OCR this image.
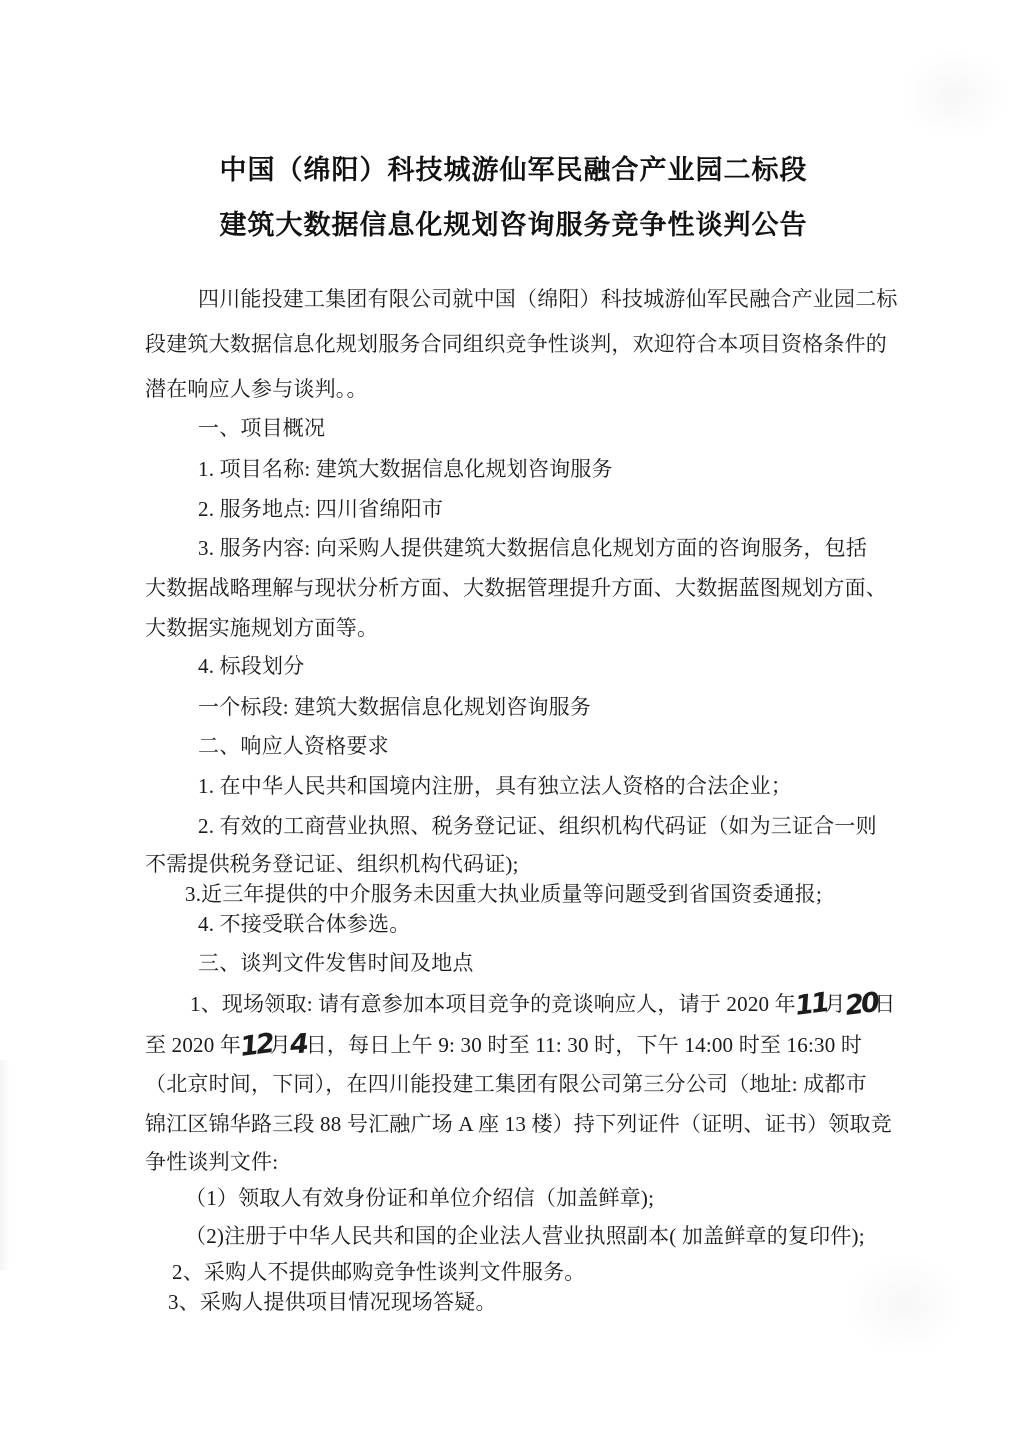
中国（绵阳）科技城游仙军民融合产业园二标段
建筑大数据信息化规划咨询服务竞争性谈判公告
四川能投建工集团有限公司就中国（绵阳）科技城游仙军民融合产业园二标
段建筑大数据信息化规划服务合同组织竞争性谈判，欢迎符合本项目资格条件的
潜在响应人参与谈判。。
一、项目概况
1. 项目名称: 建筑大数据信息化规划咨询服务
2. 服务地点: 四川省绵阳市
3. 服务内容: 向采购人提供建筑大数据信息化规划方面的咨询服务，包括
大数据战略理解与现状分析方面、大数据管理提升方面、大数据蓝图规划方面、
大数据实施规划方面等。
4. 标段划分
一个标段: 建筑大数据信息化规划咨询服务
二、响应人资格要求
1. 在中华人民共和国境内注册，具有独立法人资格的合法企业；
2. 有效的工商营业执照、税务登记证、组织机构代码证（如为三证合一则
不需提供税务登记证、组织机构代码证);
3.近三年提供的中介服务未因重大执业质量等问题受到省国资委通报;
4. 不接受联合体参选。
三、谈判文件发售时间及地点
1、现场领取: 请有意参加本项目竞争的竞谈响应人，请于 2020 年11月20日
至 2020 年12月4日，每日上午 9: 30 时至 11: 30 时，下午 14:00 时至 16:30 时
（北京时间，下同），在四川能投建工集团有限公司第三分公司（地址: 成都市
锦江区锦华路三段 88 号汇融广场 A 座 13 楼）持下列证件（证明、证书）领取竞
争性谈判文件:
（1）领取人有效身份证和单位介绍信（加盖鲜章);
（2)注册于中华人民共和国的企业法人营业执照副本( 加盖鲜章的复印件);
2、采购人不提供邮购竞争性谈判文件服务。
3、采购人提供项目情况现场答疑。
